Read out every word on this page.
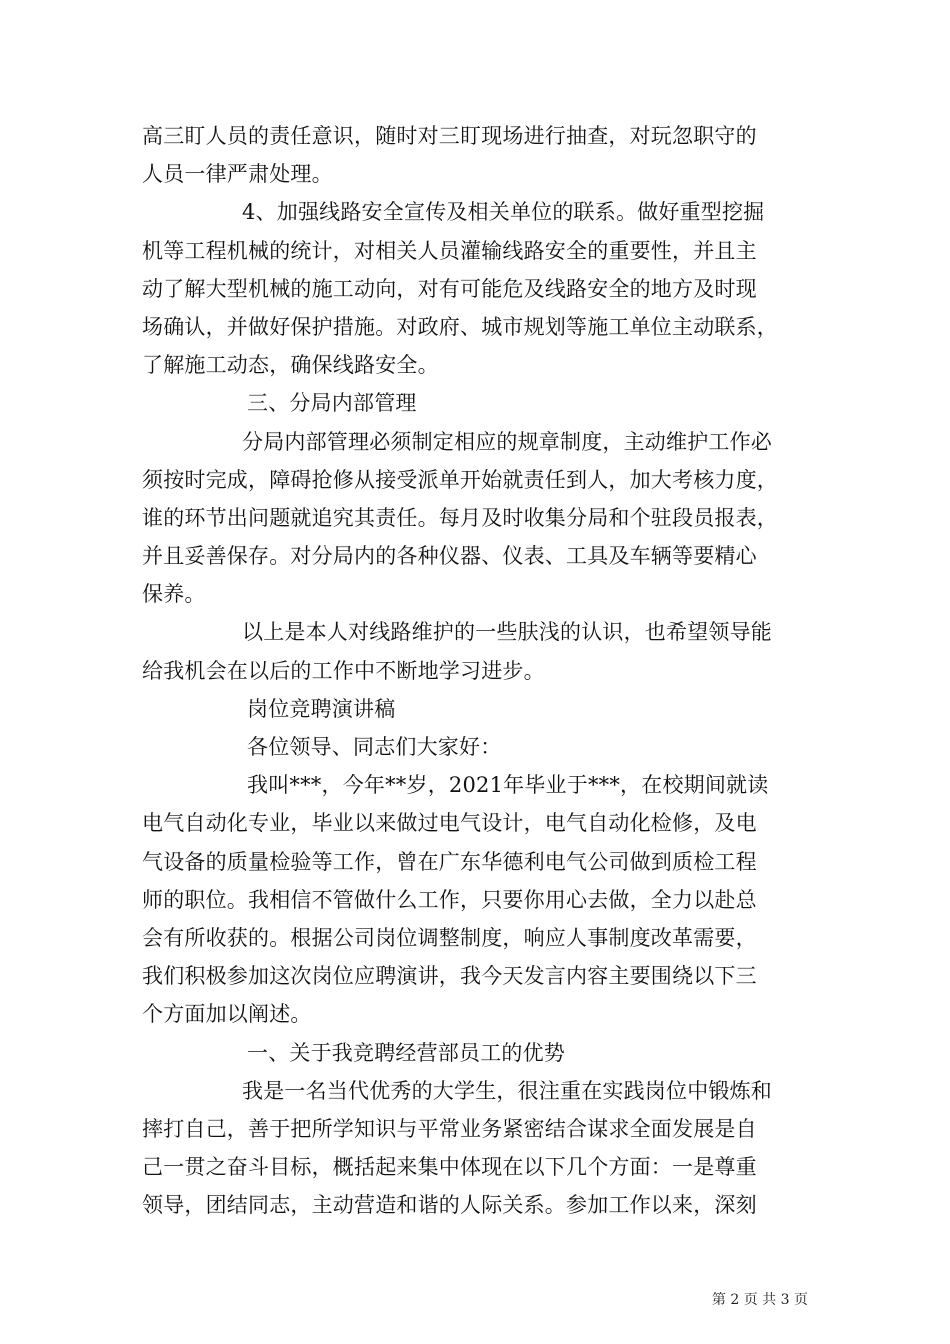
高三盯人员的责任意识，随时对三盯现场进行抽查，对玩忽职守的
人员一律严肃处理。
4、加强线路安全宣传及相关单位的联系。做好重型挖掘
机等工程机械的统计，对相关人员灌输线路安全的重要性，并且主
动了解大型机械的施工动向，对有可能危及线路安全的地方及时现
场确认，并做好保护措施。对政府、城市规划等施工单位主动联系，
了解施工动态，确保线路安全。
三、分局内部管理
分局内部管理必须制定相应的规章制度，主动维护工作必
须按时完成，障碍抢修从接受派单开始就责任到人，加大考核力度，
谁的环节出问题就追究其责任。每月及时收集分局和个驻段员报表，
并且妥善保存。对分局内的各种仪器、仪表、工具及车辆等要精心
保养。
以上是本人对线路维护的一些肤浅的认识，也希望领导能
给我机会在以后的工作中不断地学习进步。
岗位竞聘演讲稿
各位领导、同志们大家好：
我叫***，今年**岁，2021年毕业于***，在校期间就读
电气自动化专业，毕业以来做过电气设计，电气自动化检修，及电
气设备的质量检验等工作，曾在广东华德利电气公司做到质检工程
师的职位。我相信不管做什么工作，只要你用心去做，全力以赴总
会有所收获的。根据公司岗位调整制度，响应人事制度改革需要，
我们积极参加这次岗位应聘演讲，我今天发言内容主要围绕以下三
个方面加以阐述。
一、关于我竞聘经营部员工的优势
我是一名当代优秀的大学生，很注重在实践岗位中锻炼和
摔打自己，善于把所学知识与平常业务紧密结合谋求全面发展是自
己一贯之奋斗目标，概括起来集中体现在以下几个方面：一是尊重
领导，团结同志，主动营造和谐的人际关系。参加工作以来，深刻
第 2 页 共 3 页
